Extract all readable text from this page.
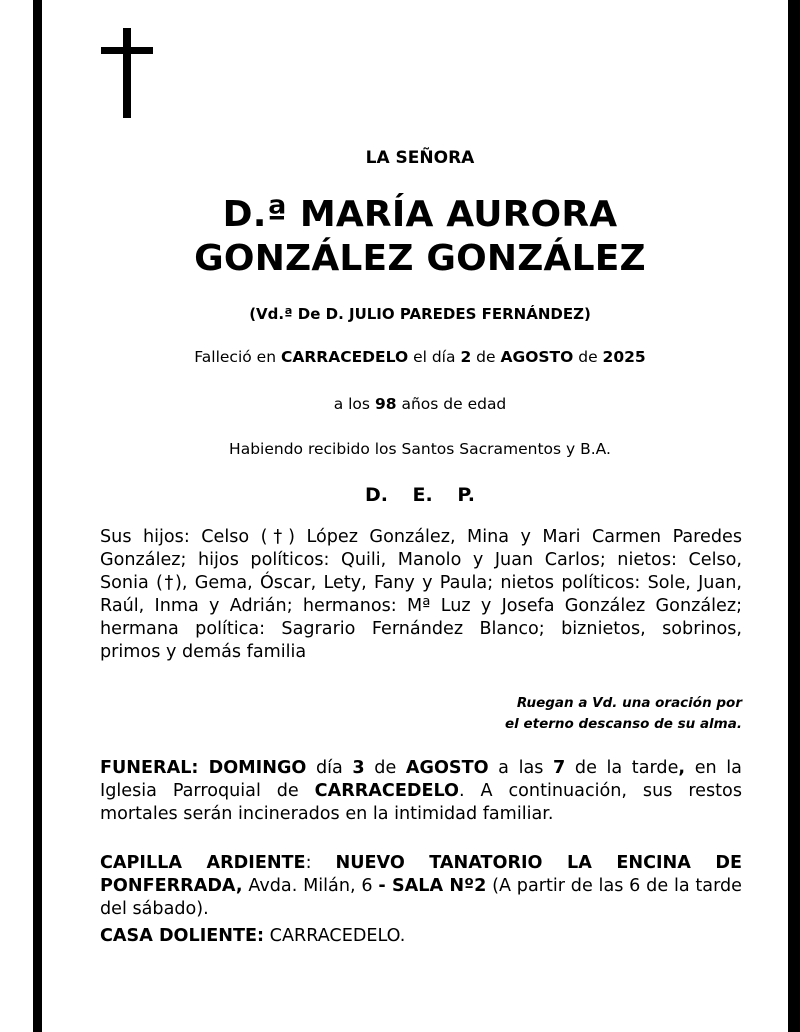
LA SEÑORA
D.ª MARÍA AURORA
GONZÁLEZ GONZÁLEZ
(Vd.ª De D. JULIO PAREDES FERNÁNDEZ)
Falleció en CARRACEDELO el día 2 de AGOSTO de 2025
a los 98 años de edad
Habiendo recibido los Santos Sacramentos y B.A.
D. E. P.
Sus hijos: Celso (†) López González, Mina y Mari Carmen Paredes González; hijos políticos: Quili, Manolo y Juan Carlos; nietos: Celso, Sonia (†), Gema, Óscar, Lety, Fany y Paula; nietos políticos: Sole, Juan, Raúl, Inma y Adrián; hermanos: Mª Luz y Josefa González González; hermana política: Sagrario Fernández Blanco; biznietos, sobrinos, primos y demás familia
Ruegan a Vd. una oración por
el eterno descanso de su alma.
FUNERAL: DOMINGO día 3 de AGOSTO a las 7 de la tarde, en la Iglesia Parroquial de CARRACEDELO. A continuación, sus restos mortales serán incinerados en la intimidad familiar.
CAPILLA ARDIENTE: NUEVO TANATORIO LA ENCINA DE PONFERRADA, Avda. Milán, 6 - SALA Nº2 (A partir de las 6 de la tarde del sábado).
CASA DOLIENTE: CARRACEDELO.
